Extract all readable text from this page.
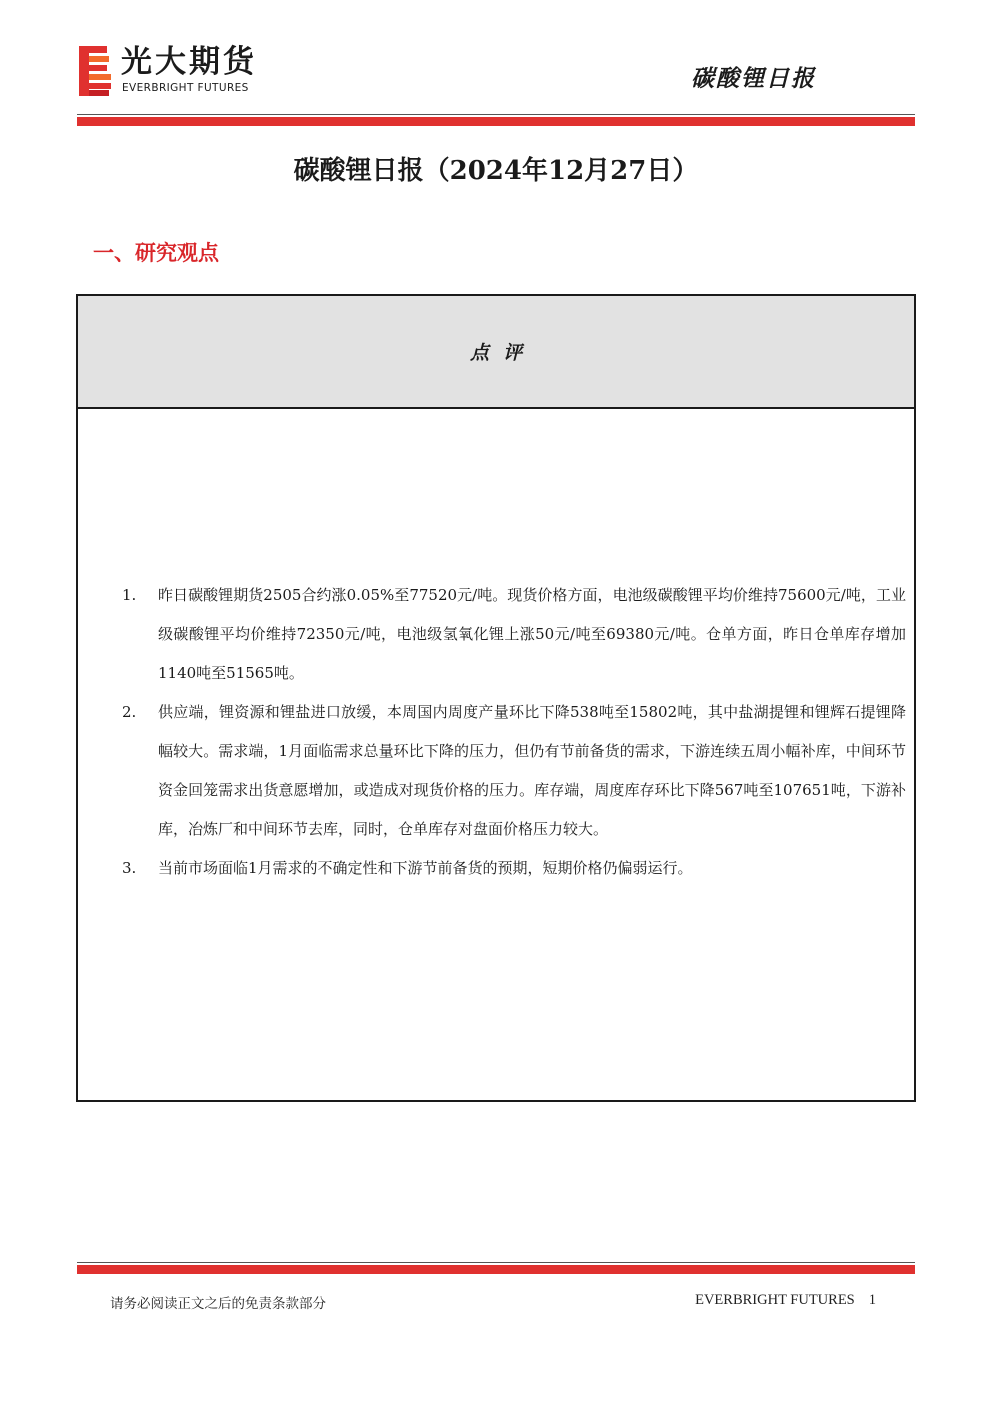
光大期货
EVERBRIGHT FUTURES	碳酸锂日报
碳酸锂日报（2024年12月27日）
一、研究观点
点评
1. 昨日碳酸锂期货2505合约涨0.05%至77520元/吨。现货价格方面，电池级碳酸锂平均价维持75600元/吨，工业级碳酸锂平均价维持72350元/吨，电池级氢氧化锂上涨50元/吨至69380元/吨。仓单方面，昨日仓单库存增加1140吨至51565吨。
2. 供应端，锂资源和锂盐进口放缓，本周国内周度产量环比下降538吨至15802吨，其中盐湖提锂和锂辉石提锂降幅较大。需求端，1月面临需求总量环比下降的压力，但仍有节前备货的需求，下游连续五周小幅补库，中间环节资金回笼需求出货意愿增加，或造成对现货价格的压力。库存端，周度库存环比下降567吨至107651吨，下游补库，冶炼厂和中间环节去库，同时，仓单库存对盘面价格压力较大。
3. 当前市场面临1月需求的不确定性和下游节前备货的预期，短期价格仍偏弱运行。
请务必阅读正文之后的免责条款部分	EVERBRIGHT FUTURES 1
